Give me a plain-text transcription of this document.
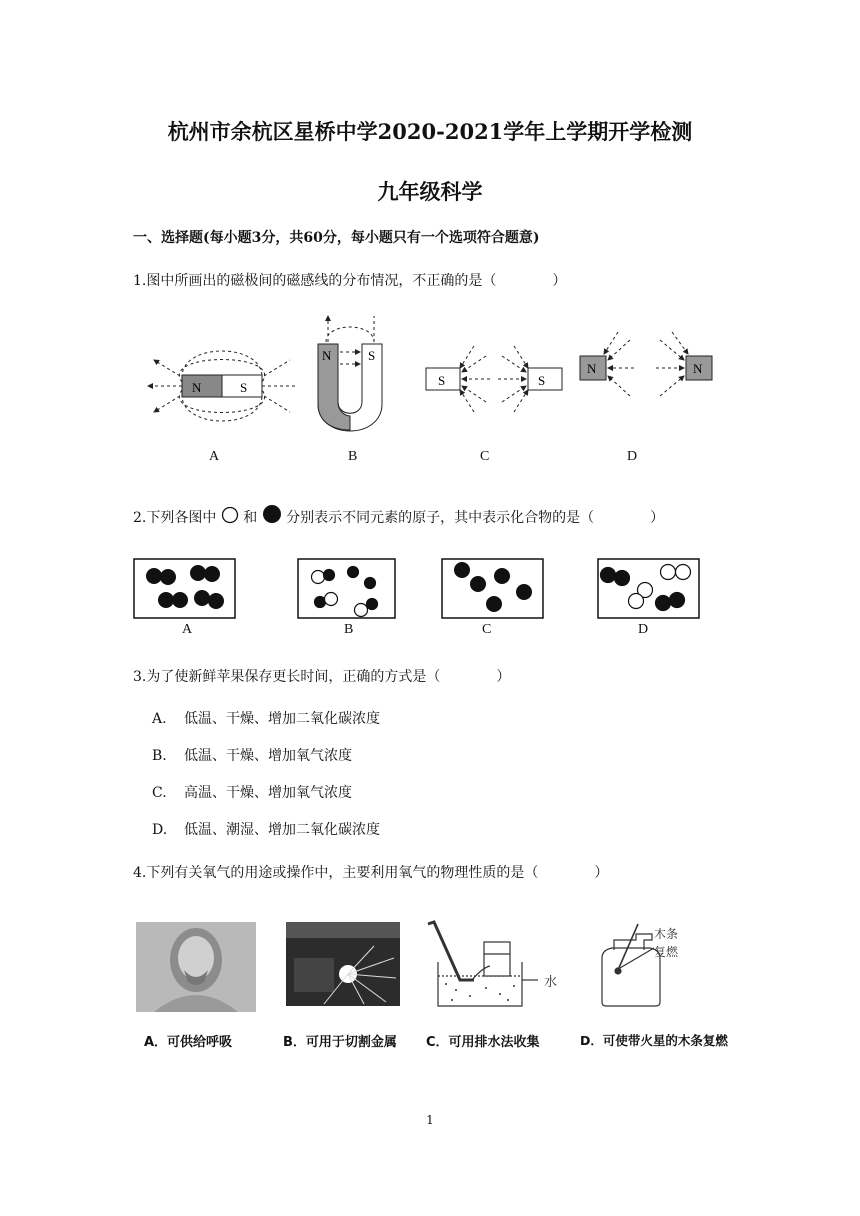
杭州市余杭区星桥中学2020-2021学年上学期开学检测
九年级科学
一、选择题(每小题3分，共60分，每小题只有一个选项符合题意)
1.图中所画出的磁极间的磁感线的分布情况，不正确的是（　　　　）
N	S
N	S
S	S
N	N
A	B	C	D
2.下列各图中 和 分别表示不同元素的原子，其中表示化合物的是（　　　　）
A	B	C	D
3.为了使新鲜苹果保存更长时间，正确的方式是（　　　　）
A. 低温、干燥、增加二氧化碳浓度
B. 低温、干燥、增加氧气浓度
C. 高温、干燥、增加氧气浓度
D. 低温、潮湿、增加二氧化碳浓度
4.下列有关氧气的用途或操作中，主要利用氧气的物理性质的是（　　　　）
水
木条
复燃
A．可供给呼吸	B．可用于切割金属 C．可用排水法收集	D．可使带火星的木条复燃
1
